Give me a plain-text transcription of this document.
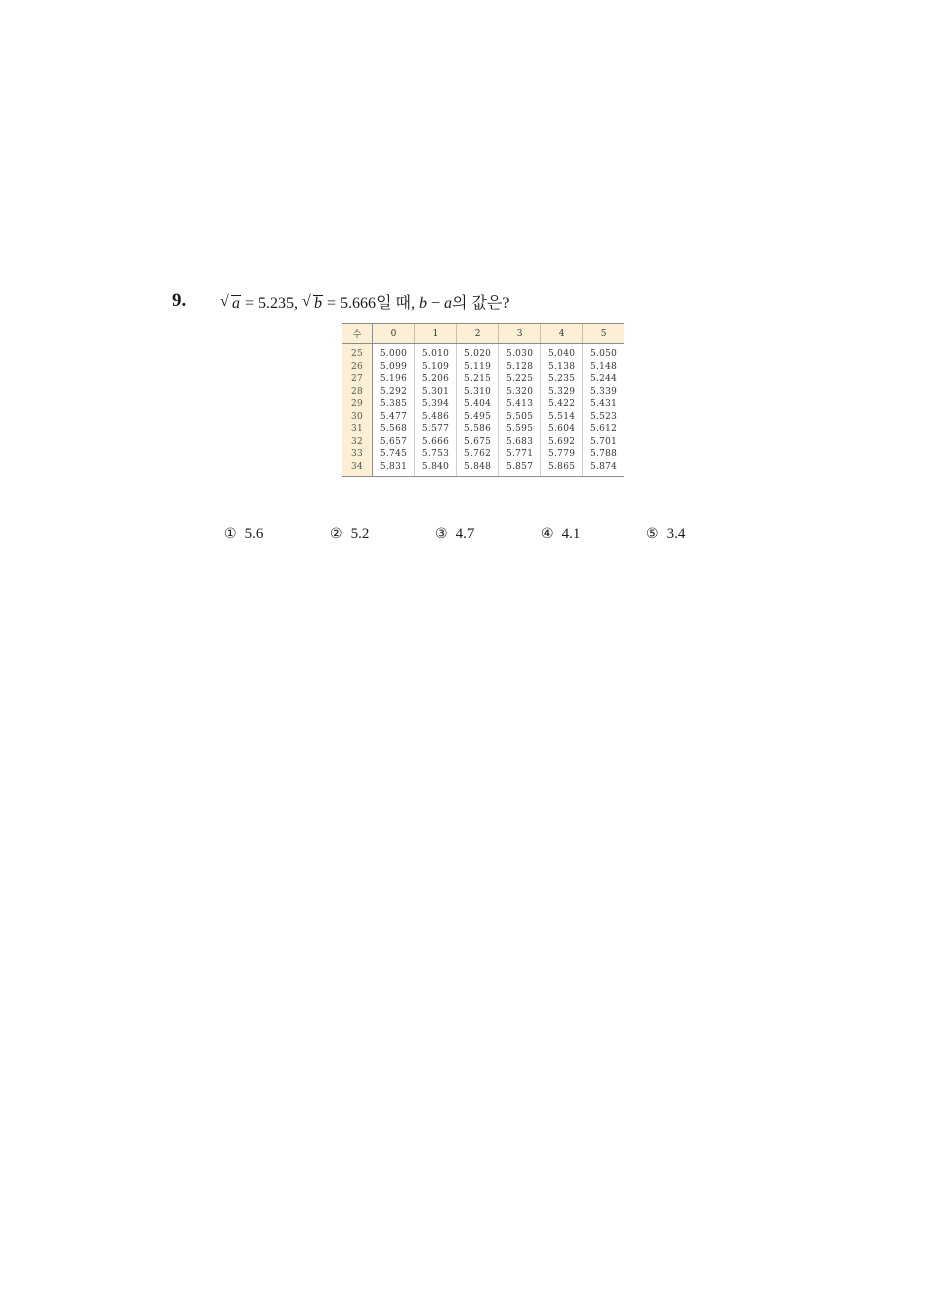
9. √ a = 5.235, √ b = 5.666일 때, b − a의 값은?
수	0	1	2	3	4	5
25	5.000	5.010	5.020	5.030	5.040	5.050
26	5.099	5.109	5.119	5.128	5.138	5.148
27	5.196	5.206	5.215	5.225	5.235	5.244
28	5.292	5.301	5.310	5.320	5.329	5.339
29	5.385	5.394	5.404	5.413	5.422	5.431
30	5.477	5.486	5.495	5.505	5.514	5.523
31	5.568	5.577	5.586	5.595	5.604	5.612
32	5.657	5.666	5.675	5.683	5.692	5.701
33	5.745	5.753	5.762	5.771	5.779	5.788
34	5.831	5.840	5.848	5.857	5.865	5.874
① 5.6	② 5.2	③ 4.7	④ 4.1	⑤ 3.4
